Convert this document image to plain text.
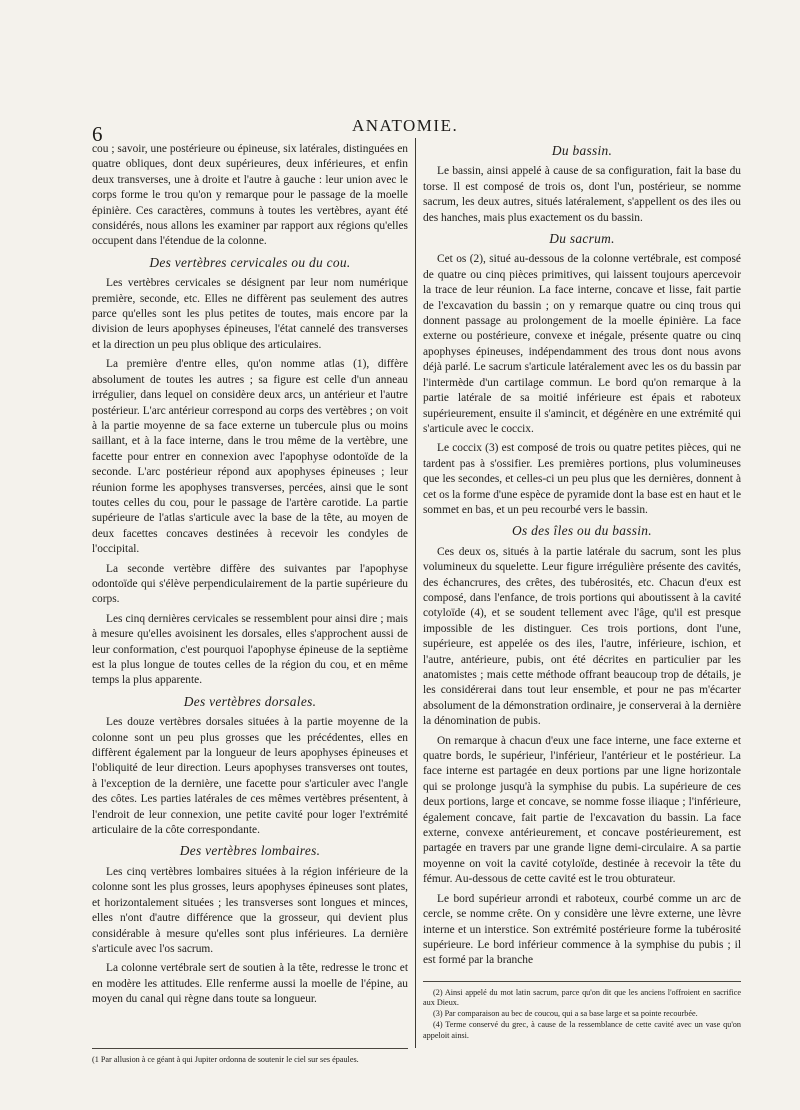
6	ANATOMIE.

cou ; savoir, une postérieure ou épineuse, six latérales, distinguées en quatre obliques, dont deux supérieures, deux inférieures, et enfin deux transverses, une à droite et l'autre à gauche : leur union avec le corps forme le trou qu'on y remarque pour le passage de la moelle épinière. Ces caractères, communs à toutes les vertèbres, ayant été considérés, nous allons les examiner par rapport aux régions qu'elles occupent dans l'étendue de la colonne.

Des vertèbres cervicales ou du cou.

Les vertèbres cervicales se désignent par leur nom numérique première, seconde, etc. Elles ne diffèrent pas seulement des autres parce qu'elles sont les plus petites de toutes, mais encore par la division de leurs apophyses épineuses, l'état cannelé des transverses et la direction un peu plus oblique des articulaires.

La première d'entre elles, qu'on nomme atlas (1), diffère absolument de toutes les autres ; sa figure est celle d'un anneau irrégulier, dans lequel on considère deux arcs, un antérieur et l'autre postérieur. L'arc antérieur correspond au corps des vertèbres ; on voit à la partie moyenne de sa face externe un tubercule plus ou moins saillant, et à la face interne, dans le trou même de la vertèbre, une facette pour entrer en connexion avec l'apophyse odontoïde de la seconde. L'arc postérieur répond aux apophyses épineuses ; leur réunion forme les apophyses transverses, percées, ainsi que le sont toutes celles du cou, pour le passage de l'artère carotide. La partie supérieure de l'atlas s'articule avec la base de la tête, au moyen de deux facettes concaves destinées à recevoir les condyles de l'occipital.

La seconde vertèbre diffère des suivantes par l'apophyse odontoïde qui s'élève perpendiculairement de la partie supérieure du corps.

Les cinq dernières cervicales se ressemblent pour ainsi dire ; mais à mesure qu'elles avoisinent les dorsales, elles s'approchent aussi de leur conformation, c'est pourquoi l'apophyse épineuse de la septième est la plus longue de toutes celles de la région du cou, et en même temps la plus apparente.

Des vertèbres dorsales.

Les douze vertèbres dorsales situées à la partie moyenne de la colonne sont un peu plus grosses que les précédentes, elles en diffèrent également par la longueur de leurs apophyses épineuses et l'obliquité de leur direction. Leurs apophyses transverses ont toutes, à l'exception de la dernière, une facette pour s'articuler avec l'angle des côtes. Les parties latérales de ces mêmes vertèbres présentent, à l'endroit de leur connexion, une petite cavité pour loger l'extrémité articulaire de la côte correspondante.

Des vertèbres lombaires.

Les cinq vertèbres lombaires situées à la région inférieure de la colonne sont les plus grosses, leurs apophyses épineuses sont plates, et horizontalement situées ; les transverses sont longues et minces, elles n'ont d'autre différence que la grosseur, qui devient plus considérable à mesure qu'elles sont plus inférieures. La dernière s'articule avec l'os sacrum.

La colonne vertébrale sert de soutien à la tête, redresse le tronc et en modère les attitudes. Elle renferme aussi la moelle de l'épine, au moyen du canal qui règne dans toute sa longueur.

Du bassin.

Le bassin, ainsi appelé à cause de sa configuration, fait la base du torse. Il est composé de trois os, dont l'un, postérieur, se nomme sacrum, les deux autres, situés latéralement, s'appellent os des iles ou des hanches, mais plus exactement os du bassin.

Du sacrum.

Cet os (2), situé au-dessous de la colonne vertébrale, est composé de quatre ou cinq pièces primitives, qui laissent toujours apercevoir la trace de leur réunion. La face interne, concave et lisse, fait partie de l'excavation du bassin ; on y remarque quatre ou cinq trous qui donnent passage au prolongement de la moelle épinière. La face externe ou postérieure, convexe et inégale, présente quatre ou cinq apophyses épineuses, indépendamment des trous dont nous avons déjà parlé. Le sacrum s'articule latéralement avec les os du bassin par l'intermède d'un cartilage commun. Le bord qu'on remarque à la partie latérale de sa moitié inférieure est épais et raboteux supérieurement, ensuite il s'amincit, et dégénère en une extrémité qui s'articule avec le coccix.

Le coccix (3) est composé de trois ou quatre petites pièces, qui ne tardent pas à s'ossifier. Les premières portions, plus volumineuses que les secondes, et celles-ci un peu plus que les dernières, donnent à cet os la forme d'une espèce de pyramide dont la base est en haut et le sommet en bas, et un peu recourbé vers le bassin.

Os des îles ou du bassin.

Ces deux os, situés à la partie latérale du sacrum, sont les plus volumineux du squelette. Leur figure irrégulière présente des cavités, des échancrures, des crêtes, des tubérosités, etc. Chacun d'eux est composé, dans l'enfance, de trois portions qui aboutissent à la cavité cotyloïde (4), et se soudent tellement avec l'âge, qu'il est presque impossible de les distinguer. Ces trois portions, dont l'une, supérieure, est appelée os des iles, l'autre, inférieure, ischion, et l'autre, antérieure, pubis, ont été décrites en particulier par les anatomistes ; mais cette méthode offrant beaucoup trop de détails, je les considérerai dans tout leur ensemble, et pour ne pas m'écarter absolument de la démonstration ordinaire, je conserverai à la dernière la dénomination de pubis.

On remarque à chacun d'eux une face interne, une face externe et quatre bords, le supérieur, l'inférieur, l'antérieur et le postérieur. La face interne est partagée en deux portions par une ligne horizontale qui se prolonge jusqu'à la symphise du pubis. La supérieure de ces deux portions, large et concave, se nomme fosse iliaque ; l'inférieure, également concave, fait partie de l'excavation du bassin. La face externe, convexe antérieurement, et concave postérieurement, est partagée en travers par une grande ligne demi-circulaire. A sa partie moyenne on voit la cavité cotyloïde, destinée à recevoir la tête du fémur. Au-dessous de cette cavité est le trou obturateur.

Le bord supérieur arrondi et raboteux, courbé comme un arc de cercle, se nomme crête. On y considère une lèvre externe, une lèvre interne et un interstice. Son extrémité postérieure forme la tubérosité supérieure. Le bord inférieur commence à la symphise du pubis ; il est formé par la branche

(2) Ainsi appelé du mot latin sacrum, parce qu'on dit que les anciens l'offroient en sacrifice aux Dieux.

(3) Par comparaison au bec de coucou, qui a sa base large et sa pointe recourbée.

(4) Terme conservé du grec, à cause de la ressemblance de cette cavité avec un vase qu'on appeloit ainsi.

(1 Par allusion à ce géant à qui Jupiter ordonna de soutenir le ciel sur ses épaules.
